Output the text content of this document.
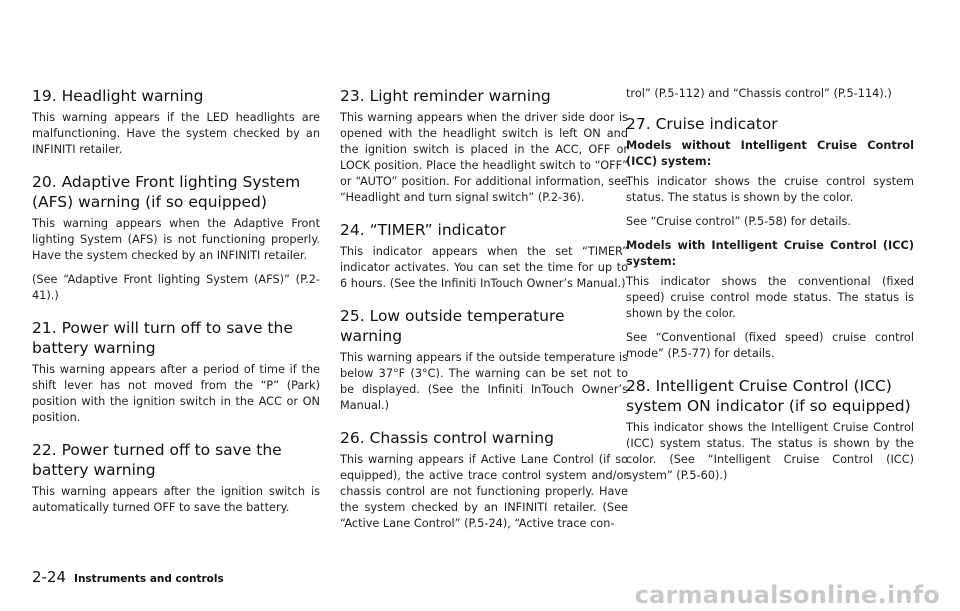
19. Headlight warning

This warning appears if the LED headlights are malfunctioning. Have the system checked by an INFINITI retailer.

20. Adaptive Front lighting System (AFS) warning (if so equipped)

This warning appears when the Adaptive Front lighting System (AFS) is not functioning properly. Have the system checked by an INFINITI retailer.

(See “Adaptive Front lighting System (AFS)” (P.2-41).)

21. Power will turn off to save the battery warning

This warning appears after a period of time if the shift lever has not moved from the “P” (Park) position with the ignition switch in the ACC or ON position.

22. Power turned off to save the battery warning

This warning appears after the ignition switch is automatically turned OFF to save the battery.

23. Light reminder warning

This warning appears when the driver side door is opened with the headlight switch is left ON and the ignition switch is placed in the ACC, OFF or LOCK position. Place the headlight switch to “OFF” or “AUTO” position. For additional information, see “Headlight and turn signal switch” (P.2-36).

24. “TIMER” indicator

This indicator appears when the set “TIMER” indicator activates. You can set the time for up to 6 hours. (See the Infiniti InTouch Owner’s Manual.)

25. Low outside temperature warning

This warning appears if the outside temperature is below 37°F (3°C). The warning can be set not to be displayed. (See the Infiniti InTouch Owner’s Manual.)

26. Chassis control warning

This warning appears if Active Lane Control (if so equipped), the active trace control system and/or chassis control are not functioning properly. Have the system checked by an INFINITI retailer. (See “Active Lane Control” (P.5-24), “Active trace con-

trol” (P.5-112) and “Chassis control” (P.5-114).)

27. Cruise indicator

Models without Intelligent Cruise Control (ICC) system:

This indicator shows the cruise control system status. The status is shown by the color.

See “Cruise control” (P.5-58) for details.

Models with Intelligent Cruise Control (ICC) system:

This indicator shows the conventional (fixed speed) cruise control mode status. The status is shown by the color.

See “Conventional (fixed speed) cruise control mode” (P.5-77) for details.

28. Intelligent Cruise Control (ICC) system ON indicator (if so equipped)

This indicator shows the Intelligent Cruise Control (ICC) system status. The status is shown by the color. (See “Intelligent Cruise Control (ICC) system” (P.5-60).)

2-24 Instruments and controls
carmanualsonline.info
